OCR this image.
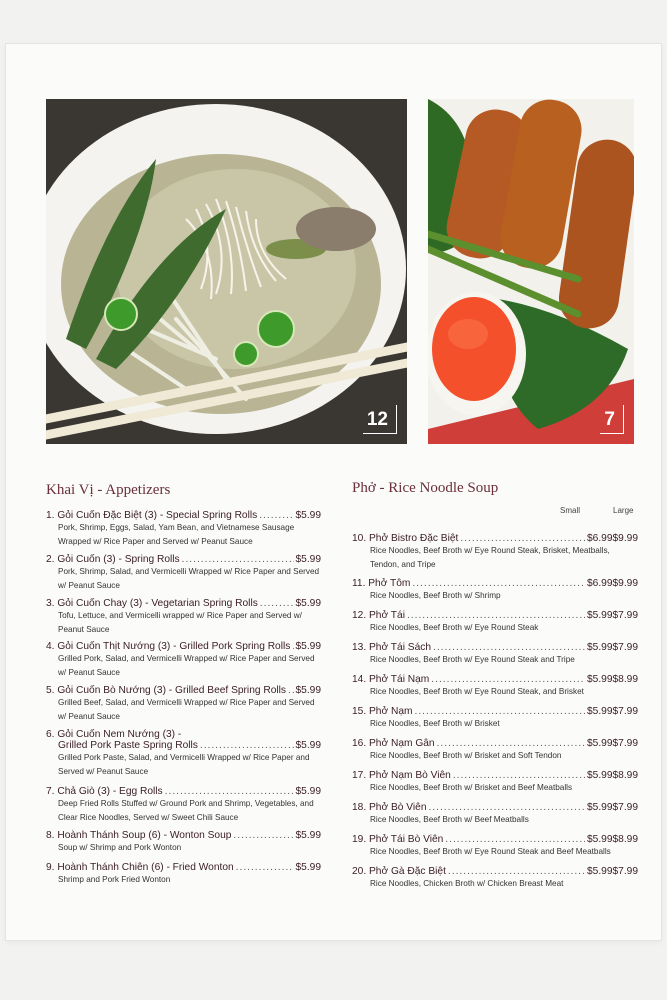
12	7
Khai Vị - Appetizers
1.
Gỏi Cuốn Đặc Biệt (3) - Special Spring Rolls .....	$5.99
Pork, Shrimp, Eggs, Salad, Yam Bean, and Vietnamese Sausage Wrapped w/ Rice Paper and Served w/ Peanut Sauce
2.
Gỏi Cuốn (3) - Spring Rolls .....	$5.99
Pork, Shrimp, Salad, and Vermicelli Wrapped w/ Rice Paper and Served w/ Peanut Sauce
3.
Gỏi Cuốn Chay (3) - Vegetarian Spring Rolls .....	$5.99
Tofu, Lettuce, and Vermicelli wrapped w/ Rice Paper and Served w/ Peanut Sauce
4.
Gỏi Cuốn Thịt Nướng (3) - Grilled Pork Spring Rolls ..... $5.99
Grilled Pork, Salad, and Vermicelli Wrapped w/ Rice Paper and Served w/ Peanut Sauce
5.
Gỏi Cuốn Bò Nướng (3) - Grilled Beef Spring Rolls ..... $5.99
Grilled Beef, Salad, and Vermicelli Wrapped w/ Rice Paper and Served w/ Peanut Sauce
6.
Gỏi Cuốn Nem Nướng (3) -
Grilled Pork Paste Spring Rolls .....	$5.99
Grilled Pork Paste, Salad, and Vermicelli Wrapped w/ Rice Paper and Served w/ Peanut Sauce
7.
Chả Giò (3) - Egg Rolls .....	$5.99
Deep Fried Rolls Stuffed w/ Ground Pork and Shrimp, Vegetables, and Clear Rice Noodles, Served w/ Sweet Chili Sauce
8.
Hoành Thánh Soup (6) - Wonton Soup .....	$5.99
Soup w/ Shrimp and Pork Wonton
9.
Hoành Thánh Chiên (6) - Fried Wonton .....	$5.99
Shrimp and Pork Fried Wonton
Phở - Rice Noodle Soup
Small	Large
10.
Phở Bistro Đặc Biệt .....	$6.99 $9.99
Rice Noodles, Beef Broth w/ Eye Round Steak, Brisket, Meatballs, Tendon, and Tripe
11.
Phở Tôm .....	$6.99 $9.99
Rice Noodles, Beef Broth w/ Shrimp
12.
Phở Tái .....	$5.99 $7.99
Rice Noodles, Beef Broth w/ Eye Round Steak
13.
Phở Tái Sách .....	$5.99 $7.99
Rice Noodles, Beef Broth w/ Eye Round Steak and Tripe
14.
Phở Tái Nạm .....	$5.99 $8.99
Rice Noodles, Beef Broth w/ Eye Round Steak, and Brisket
15.
Phở Nạm .....	$5.99 $7.99
Rice Noodles, Beef Broth w/ Brisket
16.
Phở Nạm Gân .....	$5.99 $7.99
Rice Noodles, Beef Broth w/ Brisket and Soft Tendon
17.
Phở Nạm Bò Viên .....	$5.99 $8.99
Rice Noodles, Beef Broth w/ Brisket and Beef Meatballs
18.
Phở Bò Viên .....	$5.99 $7.99
Rice Noodles, Beef Broth w/ Beef Meatballs
19.
Phở Tái Bò Viên .....	$5.99 $8.99
Rice Noodles, Beef Broth w/ Eye Round Steak and Beef Meatballs
20.
Phở Gà Đặc Biệt .....	$5.99 $7.99
Rice Noodles, Chicken Broth w/ Chicken Breast Meat
